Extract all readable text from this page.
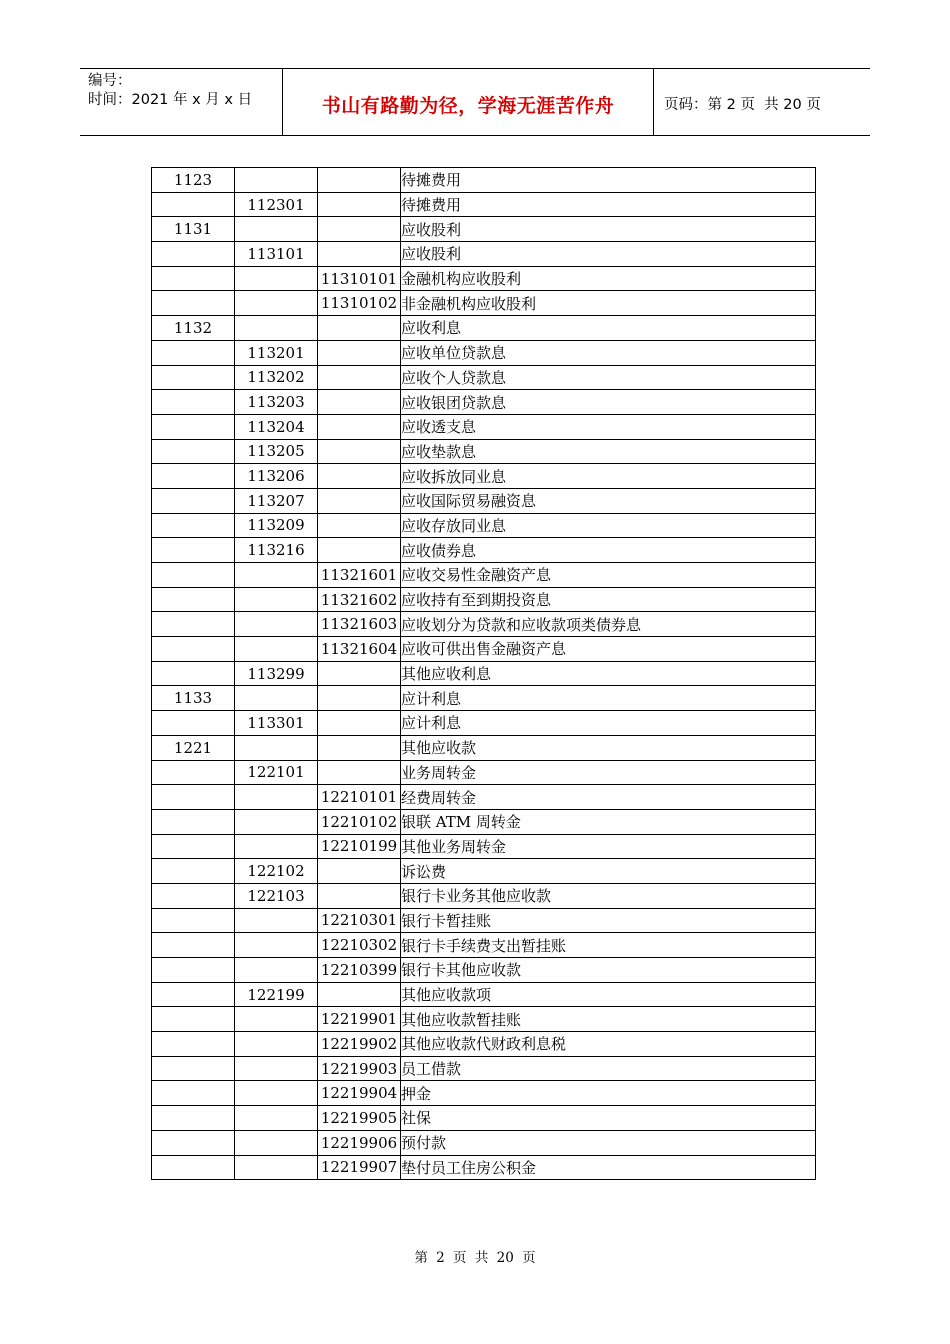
编号：
时间：2021 年 x 月 x 日	书山有路勤为径，学海无涯苦作舟	页码：第 2 页  共 20 页
1123			待摊费用
	112301		待摊费用
1131			应收股利
	113101		应收股利
		11310101	金融机构应收股利
		11310102	非金融机构应收股利
1132			应收利息
	113201		应收单位贷款息
	113202		应收个人贷款息
	113203		应收银团贷款息
	113204		应收透支息
	113205		应收垫款息
	113206		应收拆放同业息
	113207		应收国际贸易融资息
	113209		应收存放同业息
	113216		应收债券息
		11321601	应收交易性金融资产息
		11321602	应收持有至到期投资息
		11321603	应收划分为贷款和应收款项类债券息
		11321604	应收可供出售金融资产息
	113299		其他应收利息
1133			应计利息
	113301		应计利息
1221			其他应收款
	122101		业务周转金
		12210101	经费周转金
		12210102	银联 ATM 周转金
		12210199	其他业务周转金
	122102		诉讼费
	122103		银行卡业务其他应收款
		12210301	银行卡暂挂账
		12210302	银行卡手续费支出暂挂账
		12210399	银行卡其他应收款
	122199		其他应收款项
		12219901	其他应收款暂挂账
		12219902	其他应收款代财政利息税
		12219903	员工借款
		12219904	押金
		12219905	社保
		12219906	预付款
		12219907	垫付员工住房公积金
第 2 页 共 20 页
